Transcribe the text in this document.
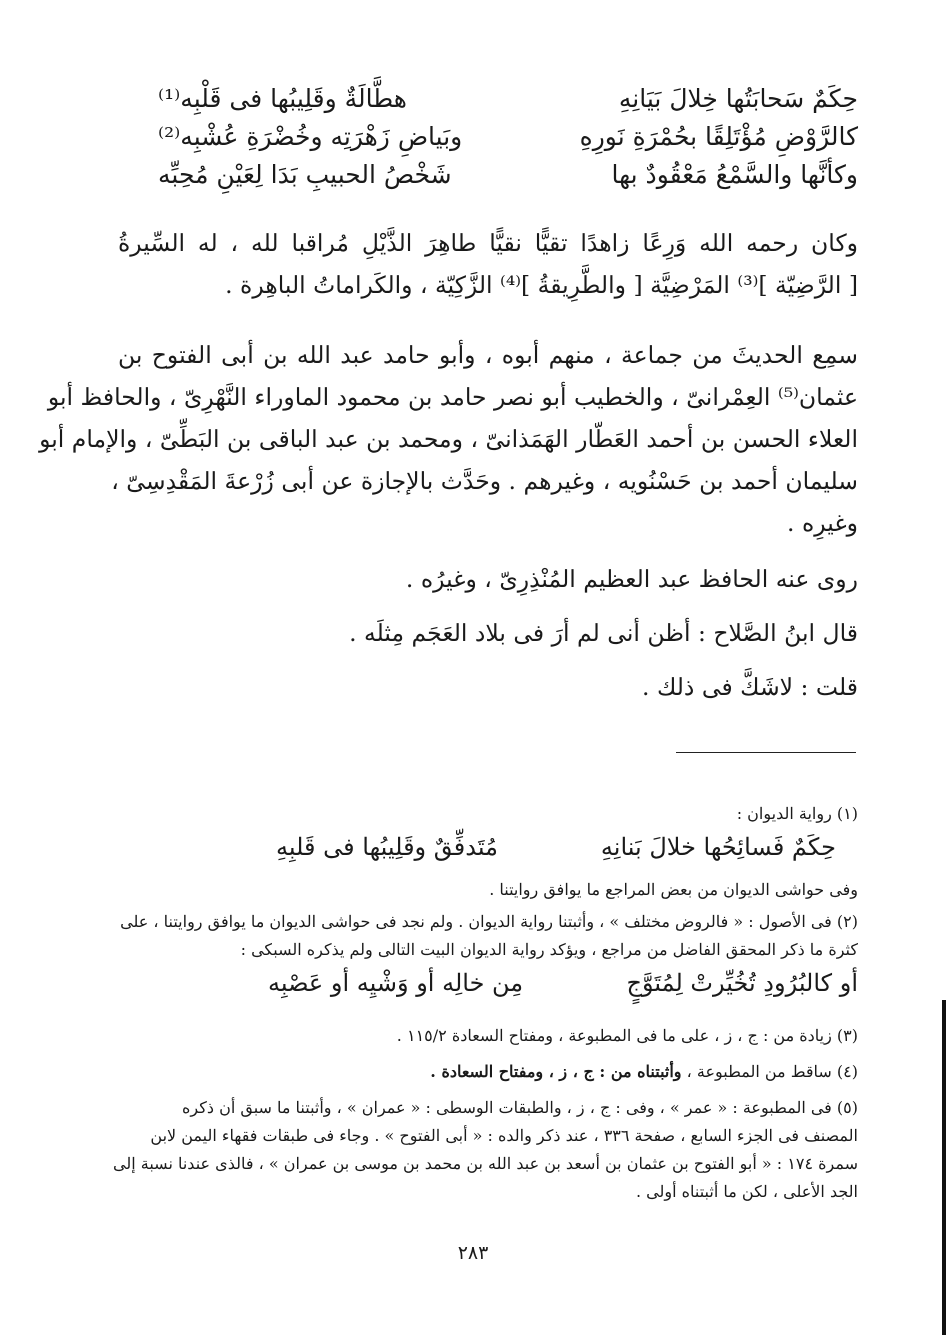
حِكَمٌ سَحابَتُها خِلالَ بَيَانِهِ
هطَّالَةٌ وقَلِيبُها فى قَلْبِه⁽¹⁾
كالرَّوْضِ مُؤْتَلِقًا بحُمْرَةِ نَورِهِ
وبَياضِ زَهْرَتِه وخُضْرَةِ عُشْبِه⁽²⁾
وكأنَّها والسَّمْعُ مَعْقُودٌ بها
شَخْصُ الحبيبِ بَدَا لِعَيْنِ مُحِبِّه
وكان رحمه الله وَرِعًا زاهدًا تقيًّا نقيًّا طاهِرَ الذَّيْلِ مُراقبا لله ، له السِّيرةُ
[ الرَّضِيّة ]⁽³⁾ المَرْضِيَّة [ والطَّرِيقةُ ]⁽⁴⁾ الزَّكِيّة ، والكَراماتُ الباهِرة .
سمِع الحديثَ من جماعة ، منهم أبوه ، وأبو حامد عبد الله بن أبى الفتوح بن
عثمان⁽⁵⁾ العِمْرانىّ ، والخطيب أبو نصر حامد بن محمود الماوراء النَّهْرِىّ ، والحافظ أبو
العلاء الحسن بن أحمد العَطّار الهَمَذانىّ ، ومحمد بن عبد الباقى بن البَطِّىّ ، والإمام أبو
سليمان أحمد بن حَسْنُويه ، وغيرهم . وحَدَّث بالإجازة عن أبى زُرْعةَ المَقْدِسِىّ ،
وغيرِه .
روى عنه الحافظ عبد العظيم المُنْذِرِىّ ، وغيرُه .
قال ابنُ الصَّلاح : أظن أنى لم أرَ فى بلاد العَجَم مِثلَه .
قلت : لاشَكَّ فى ذلك .
(١) رواية الديوان :
حِكَمٌ فَسائِحُها خلالَ بَنانِهِ
مُتَدفِّقٌ وقَلِيبُها فى قَلبِهِ
وفى حواشى الديوان من بعض المراجع ما يوافق روايتنا .
(٢) فى الأصول : « فالروض مختلف » ، وأثبتنا رواية الديوان . ولم نجد فى حواشى الديوان ما يوافق روايتنا ، على
كثرة ما ذكر المحقق الفاضل من مراجع ، ويؤكد رواية الديوان البيت التالى ولم يذكره السبكى :
أو كالبُرُودِ تُخُيِّرتْ لِمُتَوَّجٍ
مِن خالِه أو وَشْيِه أو عَصْبِه
(٣) زيادة من : ج ، ز ، على ما فى المطبوعة ، ومفتاح السعادة ١١٥/٢ .
(٤) ساقط من المطبوعة ، وأثبتناه من : ج ، ز ، ومفتاح السعادة .
(٥) فى المطبوعة : « عمر » ، وفى : ج ، ز ، والطبقات الوسطى : « عمران » ، وأثبتنا ما سبق أن ذكره
المصنف فى الجزء السابع ، صفحة ٣٣٦ ، عند ذكر والده : « أبى الفتوح » . وجاء فى طبقات فقهاء اليمن لابن
سمرة ١٧٤ : « أبو الفتوح بن عثمان بن أسعد بن عبد الله بن محمد بن موسى بن عمران » ، فالذى عندنا نسبة إلى
الجد الأعلى ، لكن ما أثبتناه أولى .
٢٨٣
